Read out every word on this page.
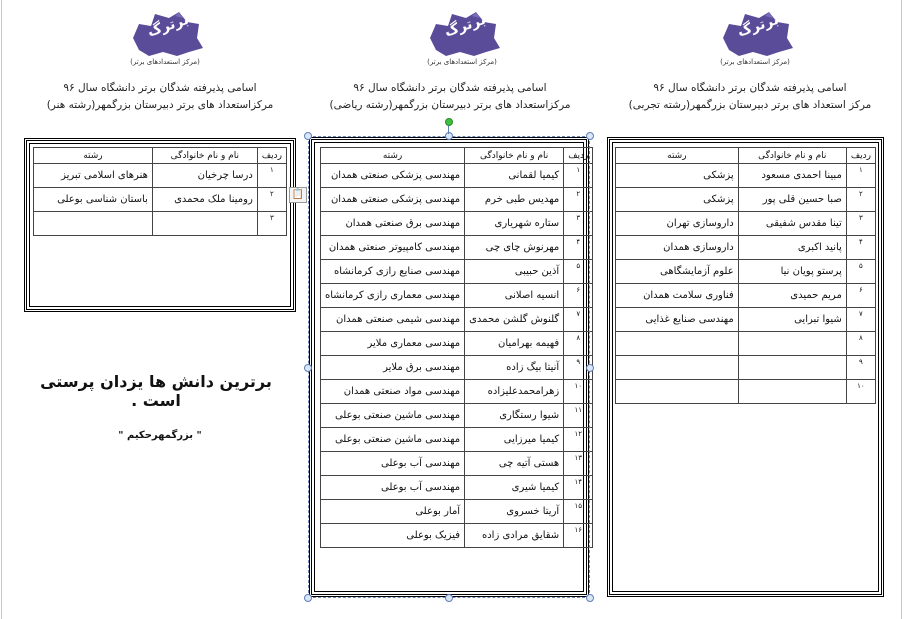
برترگ
(مرکز استعدادهای برتر)
برترگ
(مرکز استعدادهای برتر)
برترگ
(مرکز استعدادهای برتر)
اسامی پذیرفته شدگان برتر دانشگاه سال ۹۶
مرکز استعداد های برتر دبیرستان بزرگمهر(رشته تجربی)
اسامی پذیرفته شدگان برتر دانشگاه سال ۹۶
مرکزاستعداد های برتر دبیرستان بزرگمهر(رشته ریاضی)
اسامی پذیرفته شدگان برتر دانشگاه سال ۹۶
مرکزاستعداد های برتر دبیرستان بزرگمهر(رشته هنر)
ردیف	نام و نام خانوادگی	رشته
۱	مبینا احمدی مسعود	پزشکی
۲	صبا حسین قلی پور	پزشکی
۳	تینا مقدس شفیقی	داروسازی تهران
۴	پانید اکبری	داروسازی همدان
۵	پرستو پویان نیا	علوم آزمایشگاهی
۶	مریم حمیدی	فناوری سلامت همدان
۷	شیوا تبرایی	مهندسی صنایع غذایی
۸		
۹		
۱۰		
ردیف	نام و نام خانوادگی	رشته
۱	کیمیا لقمانی	مهندسی پزشکی صنعتی همدان
۲	مهدیس طبی خرم	مهندسی پزشکی صنعتی همدان
۳	ستاره شهریاری	مهندسی برق صنعتی همدان
۴	مهرنوش چای چی	مهندسی کامپیوتر صنعتی همدان
۵	آذین حبیبی	مهندسی صنایع رازی کرمانشاه
۶	انسیه اصلانی	مهندسی معماری رازی کرمانشاه
۷	گلنوش گلشن محمدی	مهندسی شیمی صنعتی همدان
۸	فهیمه بهرامیان	مهندسی معماری ملایر
۹	آنیتا بیگ زاده	مهندسی برق ملایر
۱۰	زهرامحمدعلیزاده	مهندسی مواد صنعتی همدان
۱۱	شیوا رستگاری	مهندسی ماشین صنعتی بوعلی
۱۲	کیمیا میرزایی	مهندسی ماشین صنعتی بوعلی
۱۳	هستی آتیه چی	مهندسی آب بوعلی
۱۴	کیمیا شیری	مهندسی آب بوعلی
۱۵	آریتا خسروی	آمار بوعلی
۱۶	شقایق مرادی زاده	فیزیک بوعلی
ردیف	نام و نام خانوادگی	رشته
۱	درسا چرخیان	هنرهای اسلامی تبریز
۲	رومینا ملک محمدی	باستان شناسی بوعلی
۳		
📋
برترین دانش ها یزدان پرستی است .
" بزرگمهرحکیم "
